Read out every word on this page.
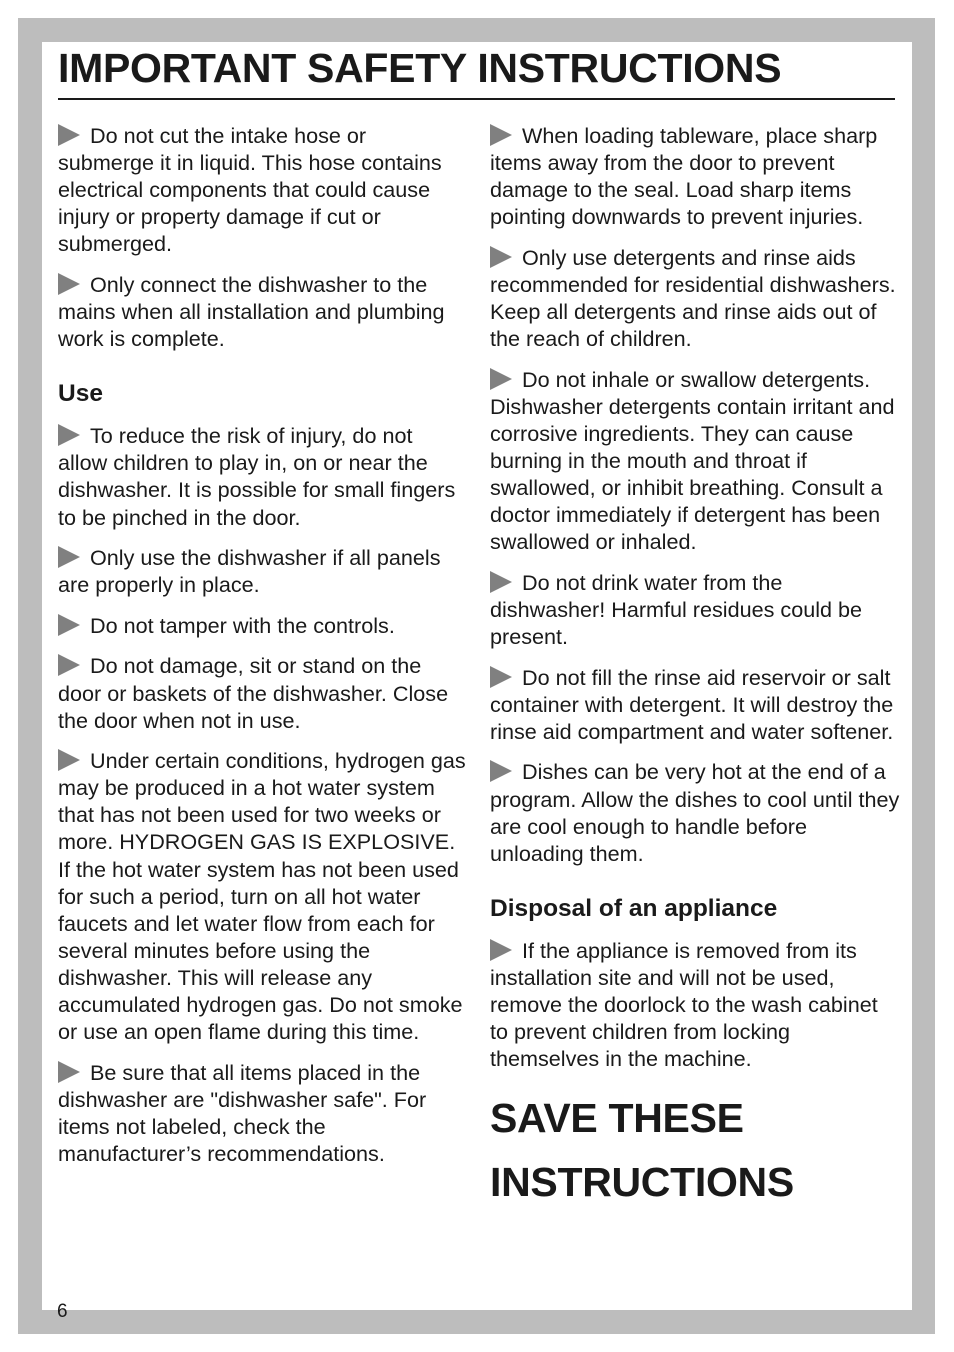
IMPORTANT SAFETY INSTRUCTIONS

Do not cut the intake hose or submerge it in liquid. This hose contains electrical components that could cause injury or property damage if cut or submerged.

Only connect the dishwasher to the mains when all installation and plumbing work is complete.

Use

To reduce the risk of injury, do not allow children to play in, on or near the dishwasher. It is possible for small fingers to be pinched in the door.

Only use the dishwasher if all panels are properly in place.

Do not tamper with the controls.

Do not damage, sit or stand on the door or baskets of the dishwasher. Close the door when not in use.

Under certain conditions, hydrogen gas may be produced in a hot water system that has not been used for two weeks or more. HYDROGEN GAS IS EXPLOSIVE. If the hot water system has not been used for such a period, turn on all hot water faucets and let water flow from each for several minutes before using the dishwasher. This will release any accumulated hydrogen gas. Do not smoke or use an open flame during this time.

Be sure that all items placed in the dishwasher are "dishwasher safe". For items not labeled, check the manufacturer’s recommendations.

When loading tableware, place sharp items away from the door to prevent damage to the seal. Load sharp items pointing downwards to prevent injuries.

Only use detergents and rinse aids recommended for residential dishwashers. Keep all detergents and rinse aids out of the reach of children.

Do not inhale or swallow detergents. Dishwasher detergents contain irritant and corrosive ingredients. They can cause burning in the mouth and throat if swallowed, or inhibit breathing. Consult a doctor immediately if detergent has been swallowed or inhaled.

Do not drink water from the dishwasher! Harmful residues could be present.

Do not fill the rinse aid reservoir or salt container with detergent. It will destroy the rinse aid compartment and water softener.

Dishes can be very hot at the end of a program. Allow the dishes to cool until they are cool enough to handle before unloading them.

Disposal of an appliance

If the appliance is removed from its installation site and will not be used, remove the doorlock to the wash cabinet to prevent children from locking themselves in the machine.

SAVE THESE
INSTRUCTIONS
6
